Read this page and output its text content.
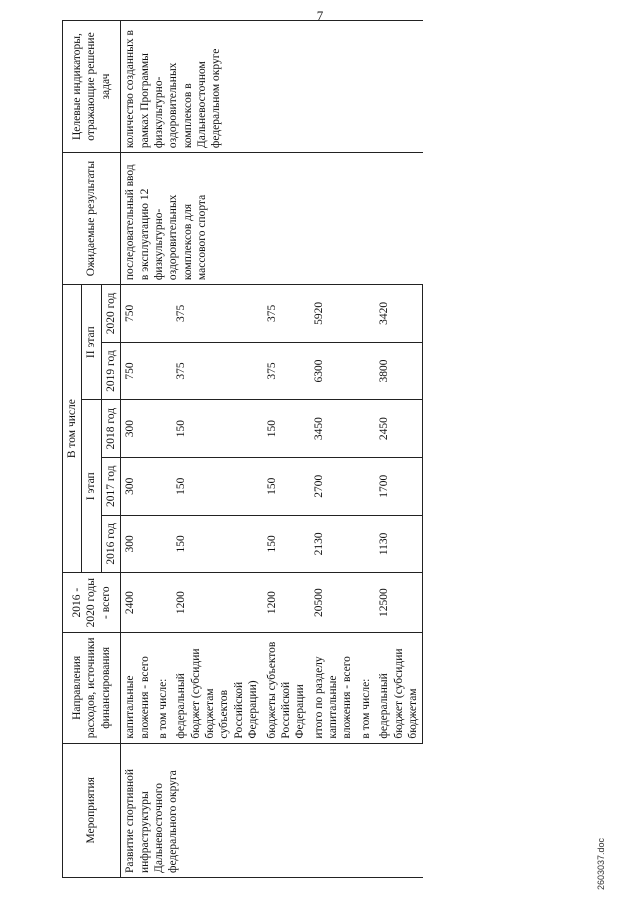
7
Мероприятия	Направления расходов, источники финансирования	2016 - 2020 годы - всего	В том числе					Ожидаемые результаты	Целевые индикаторы, отражающие решение задач
			I этап			II этап			
			2016 год	2017 год	2018 год	2019 год	2020 год		
Развитие спортивной инфраструктуры Дальневосточного федерального округа	капитальные вложения - всего	2400	300	300	300	750	750	последовательный ввод в эксплуатацию 12 физкультурно-оздоровительных комплексов для массового спорта	количество созданных в рамках Программы физкультурно-оздоровительных комплексов в Дальневосточном федеральном округе
	в том числе:								
	федеральный бюджет (субсидии бюджетам субъектов Российской Федерации)	1200	150	150	150	375	375		
	бюджеты субъектов Российской Федерации	1200	150	150	150	375	375		
	итого по разделу капитальные вложения - всего	20500	2130	2700	3450	6300	5920		
	в том числе:								
	федеральный бюджет (субсидии бюджетам	12500	1130	1700	2450	3800	3420		
2603037.doc
